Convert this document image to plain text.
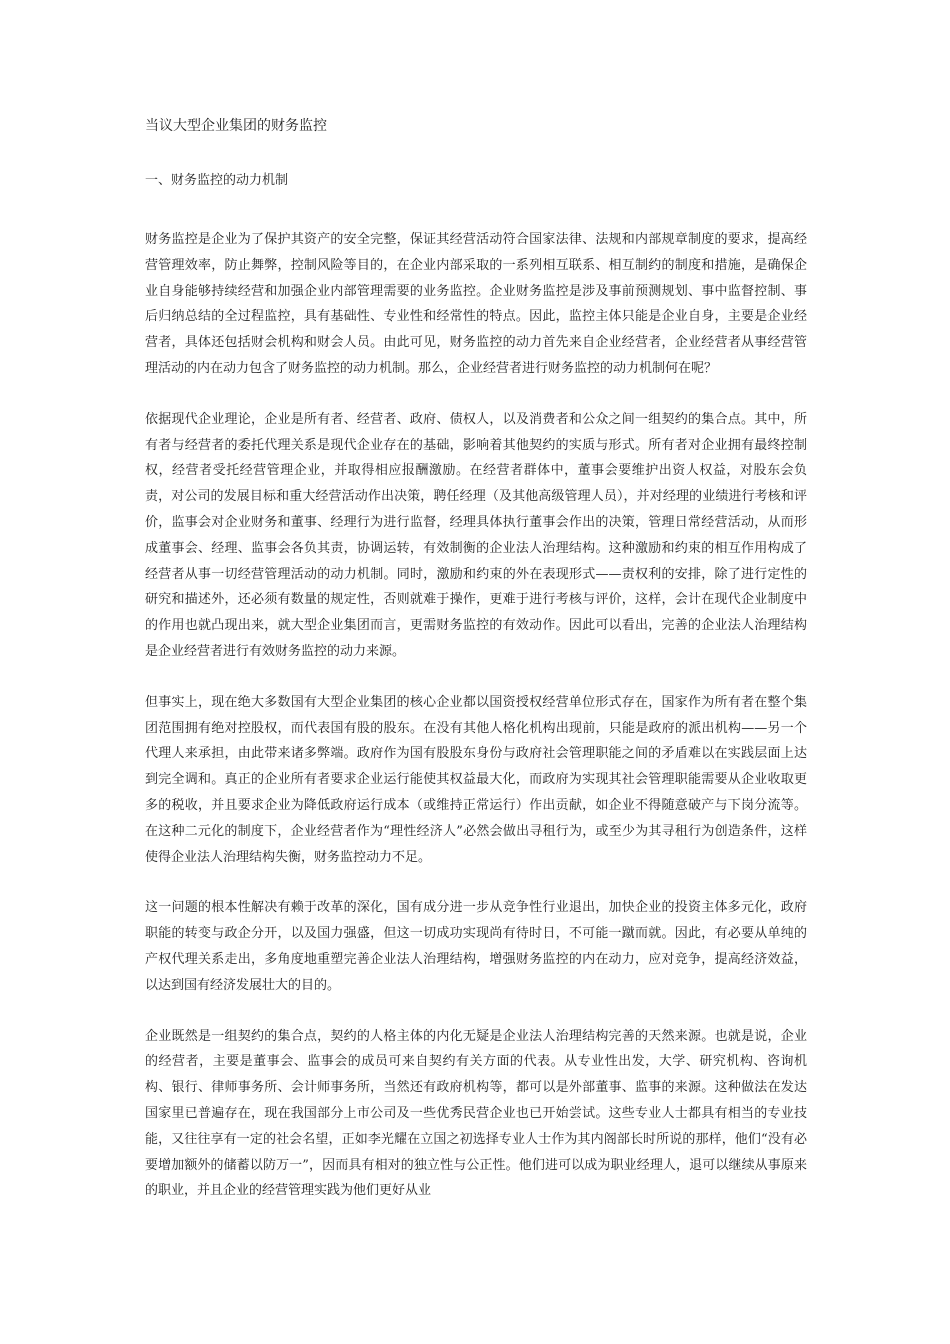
当议大型企业集团的财务监控
一、财务监控的动力机制

财务监控是企业为了保护其资产的安全完整，保证其经营活动符合国家法律、法规和内部规章制度的要求，提高经营管理效率，防止舞弊，控制风险等目的，在企业内部采取的一系列相互联系、相互制约的制度和措施，是确保企业自身能够持续经营和加强企业内部管理需要的业务监控。企业财务监控是涉及事前预测规划、事中监督控制、事后归纳总结的全过程监控，具有基础性、专业性和经常性的特点。因此，监控主体只能是企业自身，主要是企业经营者，具体还包括财会机构和财会人员。由此可见，财务监控的动力首先来自企业经营者，企业经营者从事经营管理活动的内在动力包含了财务监控的动力机制。那么，企业经营者进行财务监控的动力机制何在呢？

依据现代企业理论，企业是所有者、经营者、政府、债权人，以及消费者和公众之间一组契约的集合点。其中，所有者与经营者的委托代理关系是现代企业存在的基础，影响着其他契约的实质与形式。所有者对企业拥有最终控制权，经营者受托经营管理企业，并取得相应报酬激励。在经营者群体中，董事会要维护出资人权益，对股东会负责，对公司的发展目标和重大经营活动作出决策，聘任经理（及其他高级管理人员），并对经理的业绩进行考核和评价，监事会对企业财务和董事、经理行为进行监督，经理具体执行董事会作出的决策，管理日常经营活动，从而形成董事会、经理、监事会各负其责，协调运转，有效制衡的企业法人治理结构。这种激励和约束的相互作用构成了经营者从事一切经营管理活动的动力机制。同时，激励和约束的外在表现形式——责权利的安排，除了进行定性的研究和描述外，还必须有数量的规定性，否则就难于操作，更难于进行考核与评价，这样，会计在现代企业制度中的作用也就凸现出来，就大型企业集团而言，更需财务监控的有效动作。因此可以看出，完善的企业法人治理结构是企业经营者进行有效财务监控的动力来源。

但事实上，现在绝大多数国有大型企业集团的核心企业都以国资授权经营单位形式存在，国家作为所有者在整个集团范围拥有绝对控股权，而代表国有股的股东。在没有其他人格化机构出现前，只能是政府的派出机构——另一个代理人来承担，由此带来诸多弊端。政府作为国有股股东身份与政府社会管理职能之间的矛盾难以在实践层面上达到完全调和。真正的企业所有者要求企业运行能使其权益最大化，而政府为实现其社会管理职能需要从企业收取更多的税收，并且要求企业为降低政府运行成本（或维持正常运行）作出贡献，如企业不得随意破产与下岗分流等。在这种二元化的制度下，企业经营者作为“理性经济人”必然会做出寻租行为，或至少为其寻租行为创造条件，这样使得企业法人治理结构失衡，财务监控动力不足。

这一问题的根本性解决有赖于改革的深化，国有成分进一步从竞争性行业退出，加快企业的投资主体多元化，政府职能的转变与政企分开，以及国力强盛，但这一切成功实现尚有待时日，不可能一蹴而就。因此，有必要从单纯的产权代理关系走出，多角度地重塑完善企业法人治理结构，增强财务监控的内在动力，应对竞争，提高经济效益，以达到国有经济发展壮大的目的。

企业既然是一组契约的集合点，契约的人格主体的内化无疑是企业法人治理结构完善的天然来源。也就是说，企业的经营者，主要是董事会、监事会的成员可来自契约有关方面的代表。从专业性出发，大学、研究机构、咨询机构、银行、律师事务所、会计师事务所，当然还有政府机构等，都可以是外部董事、监事的来源。这种做法在发达国家里已普遍存在，现在我国部分上市公司及一些优秀民营企业也已开始尝试。这些专业人士都具有相当的专业技能，又往往享有一定的社会名望，正如李光耀在立国之初选择专业人士作为其内阁部长时所说的那样，他们“没有必要增加额外的储蓄以防万一”，因而具有相对的独立性与公正性。他们进可以成为职业经理人，退可以继续从事原来的职业，并且企业的经营管理实践为他们更好从业
